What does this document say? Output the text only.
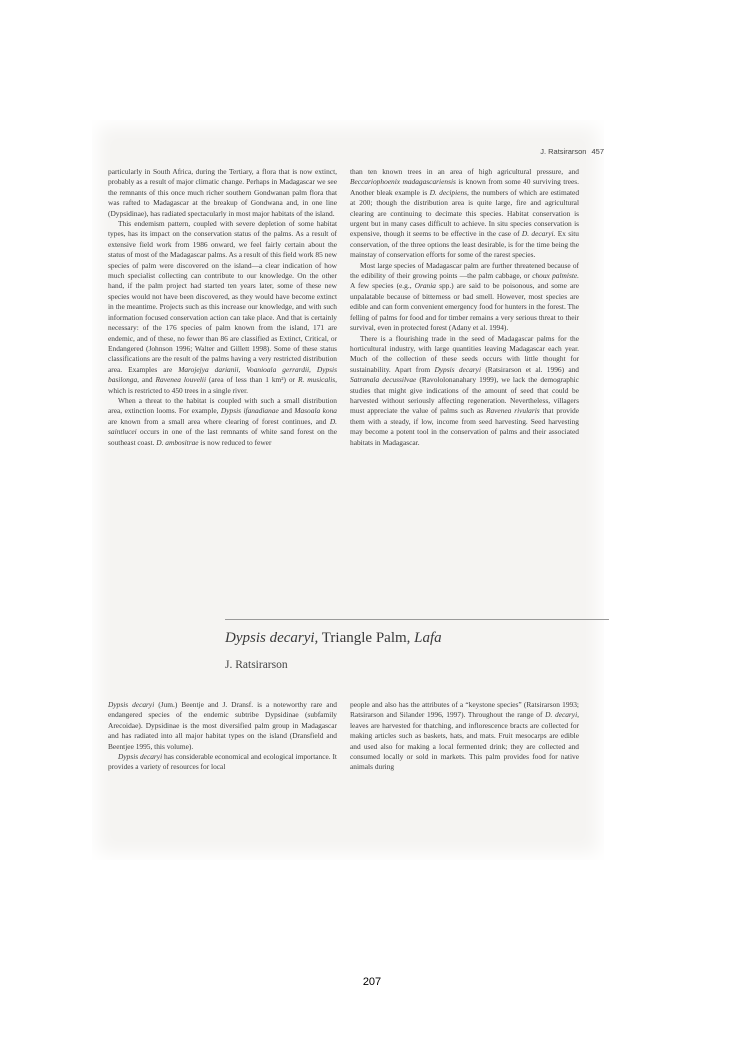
J. Ratsirarson 457

particularly in South Africa, during the Tertiary, a flora that is now extinct, probably as a result of major climatic change. Perhaps in Madagascar we see the remnants of this once much richer southern Gondwanan palm flora that was rafted to Madagascar at the breakup of Gondwana and, in one line (Dypsidinae), has radiated spectacularly in most major habitats of the island.

This endemism pattern, coupled with severe depletion of some habitat types, has its impact on the conservation status of the palms. As a result of extensive field work from 1986 onward, we feel fairly certain about the status of most of the Madagascar palms. As a result of this field work 85 new species of palm were discovered on the island—a clear indication of how much specialist collecting can contribute to our knowledge. On the other hand, if the palm project had started ten years later, some of these new species would not have been discovered, as they would have become extinct in the meantime. Projects such as this increase our knowledge, and with such information focused conservation action can take place. And that is certainly necessary: of the 176 species of palm known from the island, 171 are endemic, and of these, no fewer than 86 are classified as Extinct, Critical, or Endangered (Johnson 1996; Walter and Gillett 1998). Some of these status classifications are the result of the palms having a very restricted distribution area. Examples are Marojejya darianii, Voanioala gerrardii, Dypsis basilonga, and Ravenea louvelii (area of less than 1 km²) or R. musicalis, which is restricted to 450 trees in a single river.

When a threat to the habitat is coupled with such a small distribution area, extinction looms. For example, Dypsis ifanadianae and Masoala kona are known from a small area where clearing of forest continues, and D. saintlucei occurs in one of the last remnants of white sand forest on the southeast coast. D. ambositrae is now reduced to fewer

than ten known trees in an area of high agricultural pressure, and Beccariophoenix madagascariensis is known from some 40 surviving trees. Another bleak example is D. decipiens, the numbers of which are estimated at 200; though the distribution area is quite large, fire and agricultural clearing are continuing to decimate this species. Habitat conservation is urgent but in many cases difficult to achieve. In situ species conservation is expensive, though it seems to be effective in the case of D. decaryi. Ex situ conservation, of the three options the least desirable, is for the time being the mainstay of conservation efforts for some of the rarest species.

Most large species of Madagascar palm are further threatened because of the edibility of their growing points —the palm cabbage, or choux palmiste. A few species (e.g., Orania spp.) are said to be poisonous, and some are unpalatable because of bitterness or bad smell. However, most species are edible and can form convenient emergency food for hunters in the forest. The felling of palms for food and for timber remains a very serious threat to their survival, even in protected forest (Adany et al. 1994).

There is a flourishing trade in the seed of Madagascar palms for the horticultural industry, with large quantities leaving Madagascar each year. Much of the collection of these seeds occurs with little thought for sustainability. Apart from Dypsis decaryi (Ratsirarson et al. 1996) and Satranala decussilvae (Ravololonanahary 1999), we lack the demographic studies that might give indications of the amount of seed that could be harvested without seriously affecting regeneration. Nevertheless, villagers must appreciate the value of palms such as Ravenea rivularis that provide them with a steady, if low, income from seed harvesting. Seed harvesting may become a potent tool in the conservation of palms and their associated habitats in Madagascar.

Dypsis decaryi, Triangle Palm, Lafa
J. Ratsirarson

Dypsis decaryi (Jum.) Beentje and J. Dransf. is a noteworthy rare and endangered species of the endemic subtribe Dypsidinae (subfamily Arecoidae). Dypsidinae is the most diversified palm group in Madagascar and has radiated into all major habitat types on the island (Dransfield and Beentjee 1995, this volume).

Dypsis decaryi has considerable economical and ecological importance. It provides a variety of resources for local

people and also has the attributes of a “keystone species” (Ratsirarson 1993; Ratsirarson and Silander 1996, 1997). Throughout the range of D. decaryi, leaves are harvested for thatching, and inflorescence bracts are collected for making articles such as baskets, hats, and mats. Fruit mesocarps are edible and used also for making a local fermented drink; they are collected and consumed locally or sold in markets. This palm provides food for native animals during

207
